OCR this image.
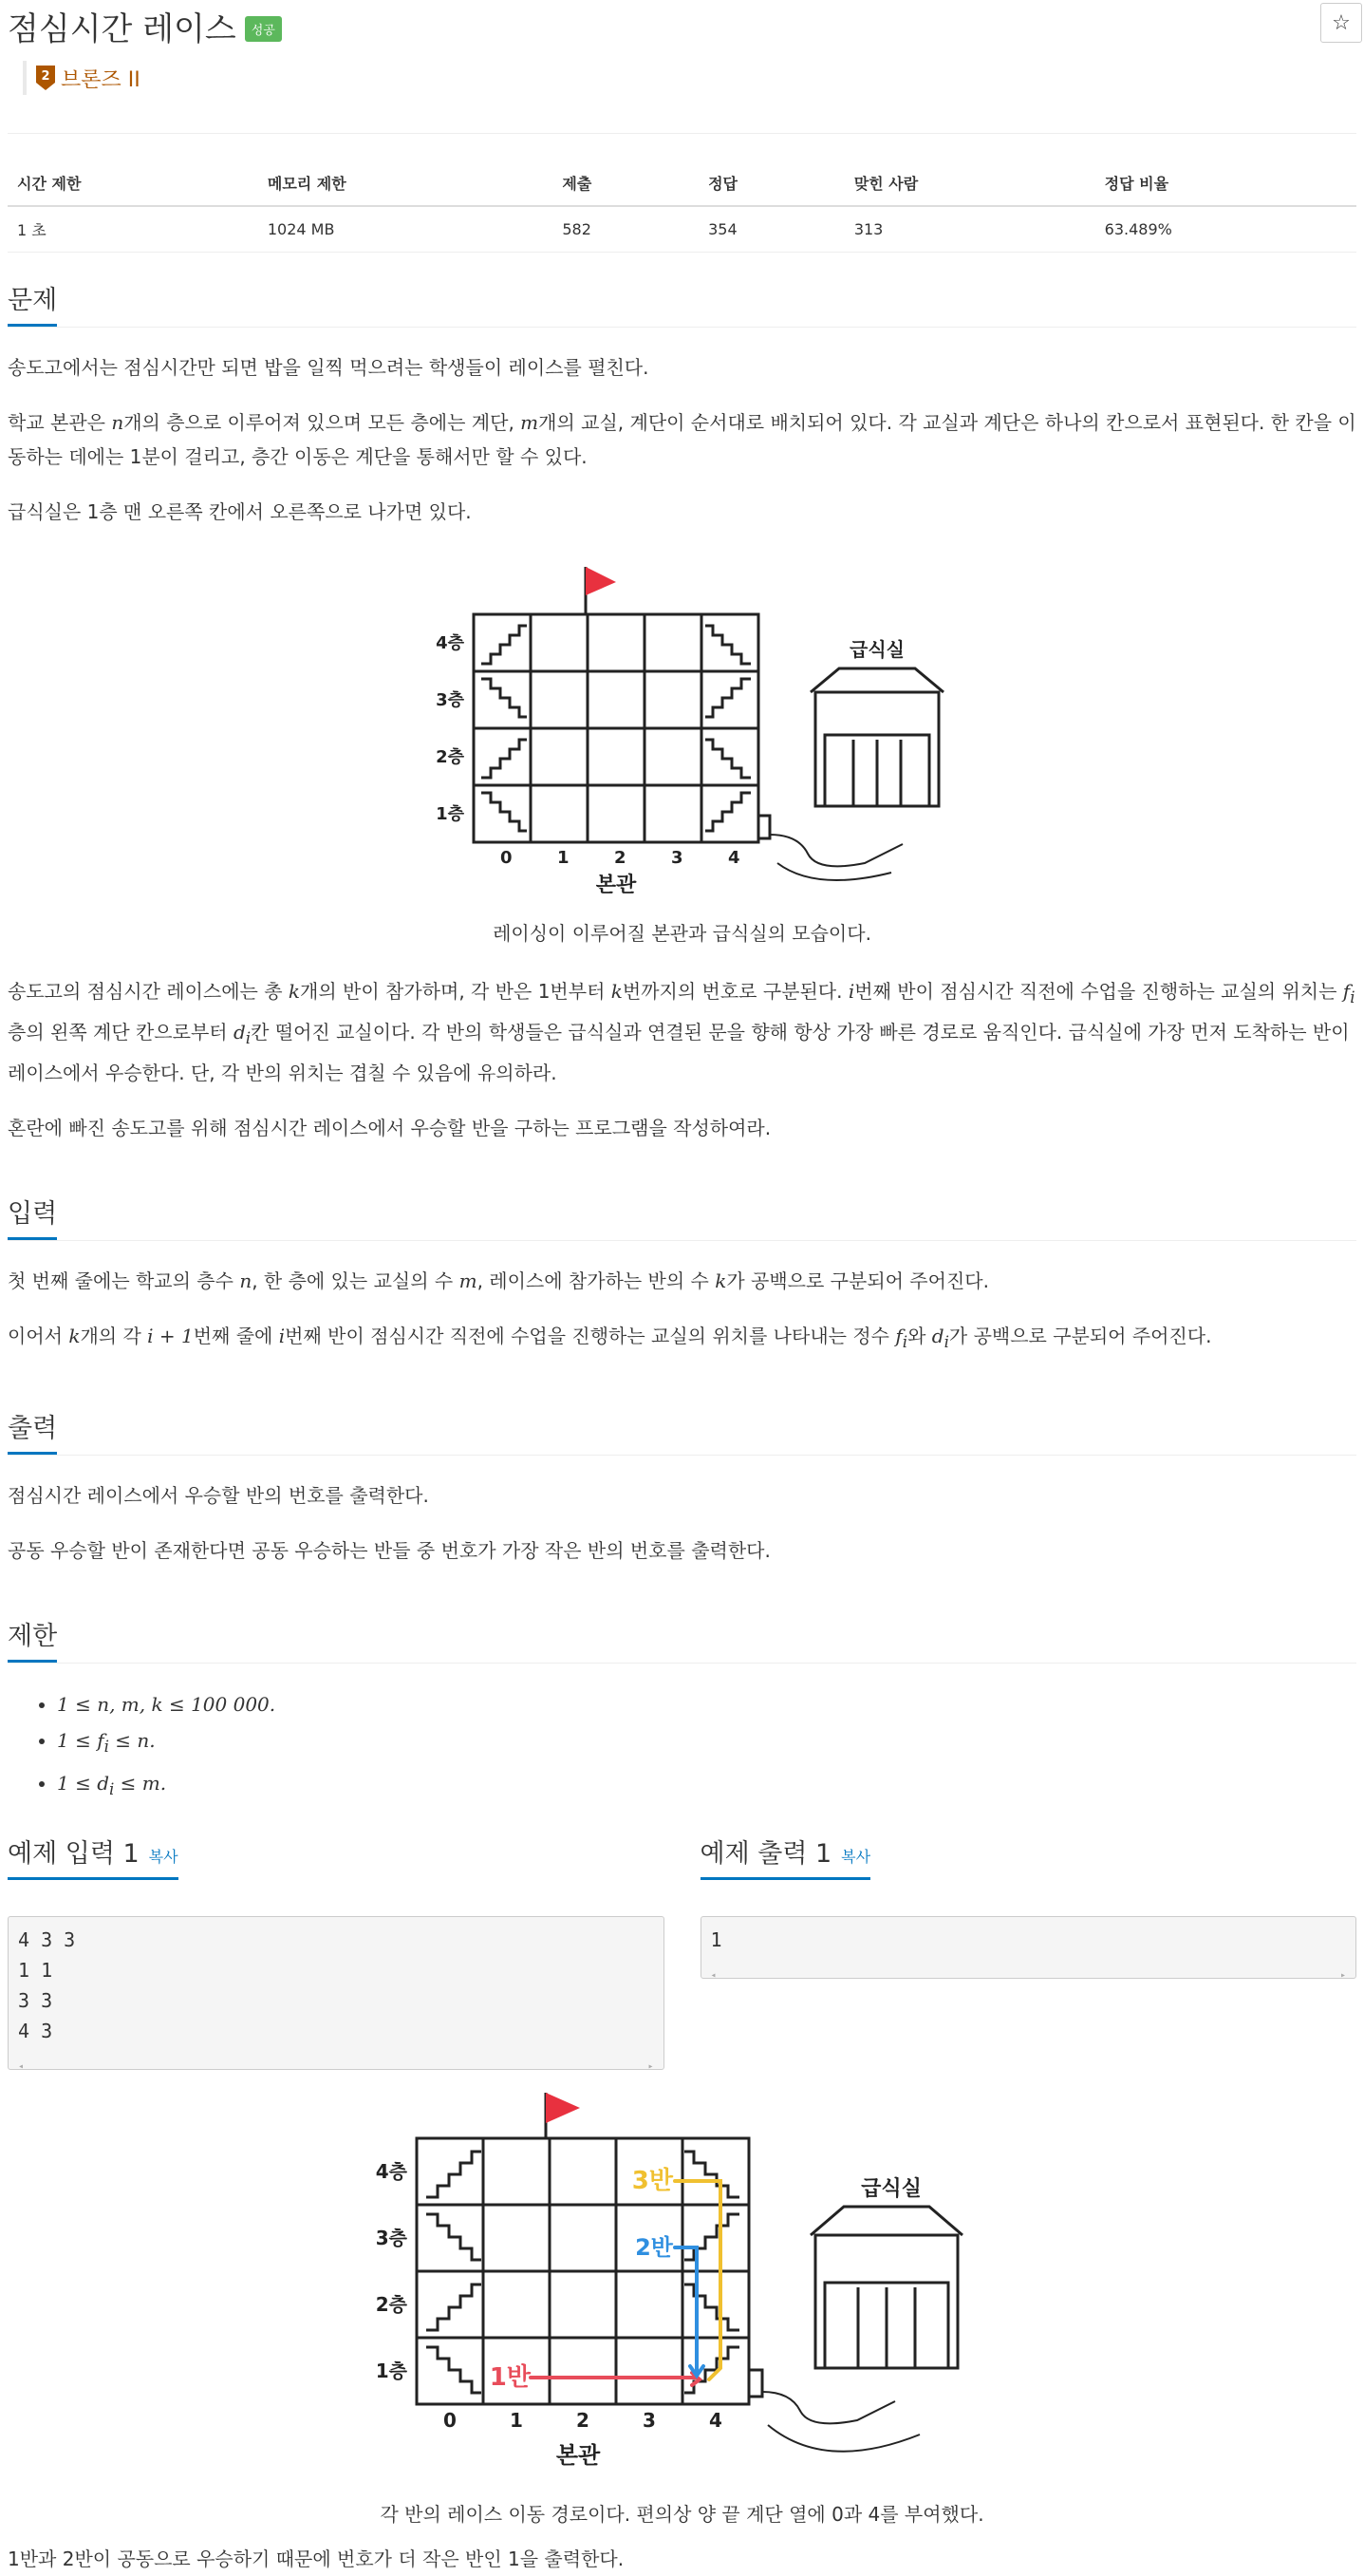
점심시간 레이스	성공	☆
2 브론즈 II
시간 제한	메모리 제한	제출	정답	맞힌 사람	정답 비율
1 초	1024 MB	582	354	313	63.489%
문제

송도고에서는 점심시간만 되면 밥을 일찍 먹으려는 학생들이 레이스를 펼친다.

학교 본관은 n개의 층으로 이루어져 있으며 모든 층에는 계단, m개의 교실, 계단이 순서대로 배치되어 있다. 각 교실과 계단은 하나의 칸으로서 표현된다. 한 칸을 이동하는 데에는 1분이 걸리고, 층간 이동은 계단을 통해서만 할 수 있다.

급식실은 1층 맨 오른쪽 칸에서 오른쪽으로 나가면 있다.

4층
3층
2층
1층
0	1	2	3	4
본관
급식실
레이싱이 이루어질 본관과 급식실의 모습이다.

송도고의 점심시간 레이스에는 총 k개의 반이 참가하며, 각 반은 1번부터 k번까지의 번호로 구분된다. i번째 반이 점심시간 직전에 수업을 진행하는 교실의 위치는 $f_i$층의 왼쪽 계단 칸으로부터 $d_i$칸 떨어진 교실이다. 각 반의 학생들은 급식실과 연결된 문을 향해 항상 가장 빠른 경로로 움직인다. 급식실에 가장 먼저 도착하는 반이 레이스에서 우승한다. 단, 각 반의 위치는 겹칠 수 있음에 유의하라.

혼란에 빠진 송도고를 위해 점심시간 레이스에서 우승할 반을 구하는 프로그램을 작성하여라.

입력

첫 번째 줄에는 학교의 층수 n, 한 층에 있는 교실의 수 m, 레이스에 참가하는 반의 수 k가 공백으로 구분되어 주어진다.

이어서 k개의 각 i + 1번째 줄에 i번째 반이 점심시간 직전에 수업을 진행하는 교실의 위치를 나타내는 정수 $f_i$와 $d_i$가 공백으로 구분되어 주어진다.

출력

점심시간 레이스에서 우승할 반의 번호를 출력한다.

공동 우승할 반이 존재한다면 공동 우승하는 반들 중 번호가 가장 작은 반의 번호를 출력한다.

제한
• 1 ≤ n, m, k ≤ 100 000.
• $1 \le f_i \le n$.
• $1 \le d_i \le m$.
예제 입력 1 복사
4 3 3
1 1
3 3
4 3
◂	▸
예제 출력 1 복사
1
◂	▸
1반
2반
3반
4층
3층
2층
1층
0	1	2	3	4
본관
급식실
각 반의 레이스 이동 경로이다. 편의상 양 끝 계단 열에 0과 4를 부여했다.

1반과 2반이 공동으로 우승하기 때문에 번호가 더 작은 반인 1을 출력한다.
